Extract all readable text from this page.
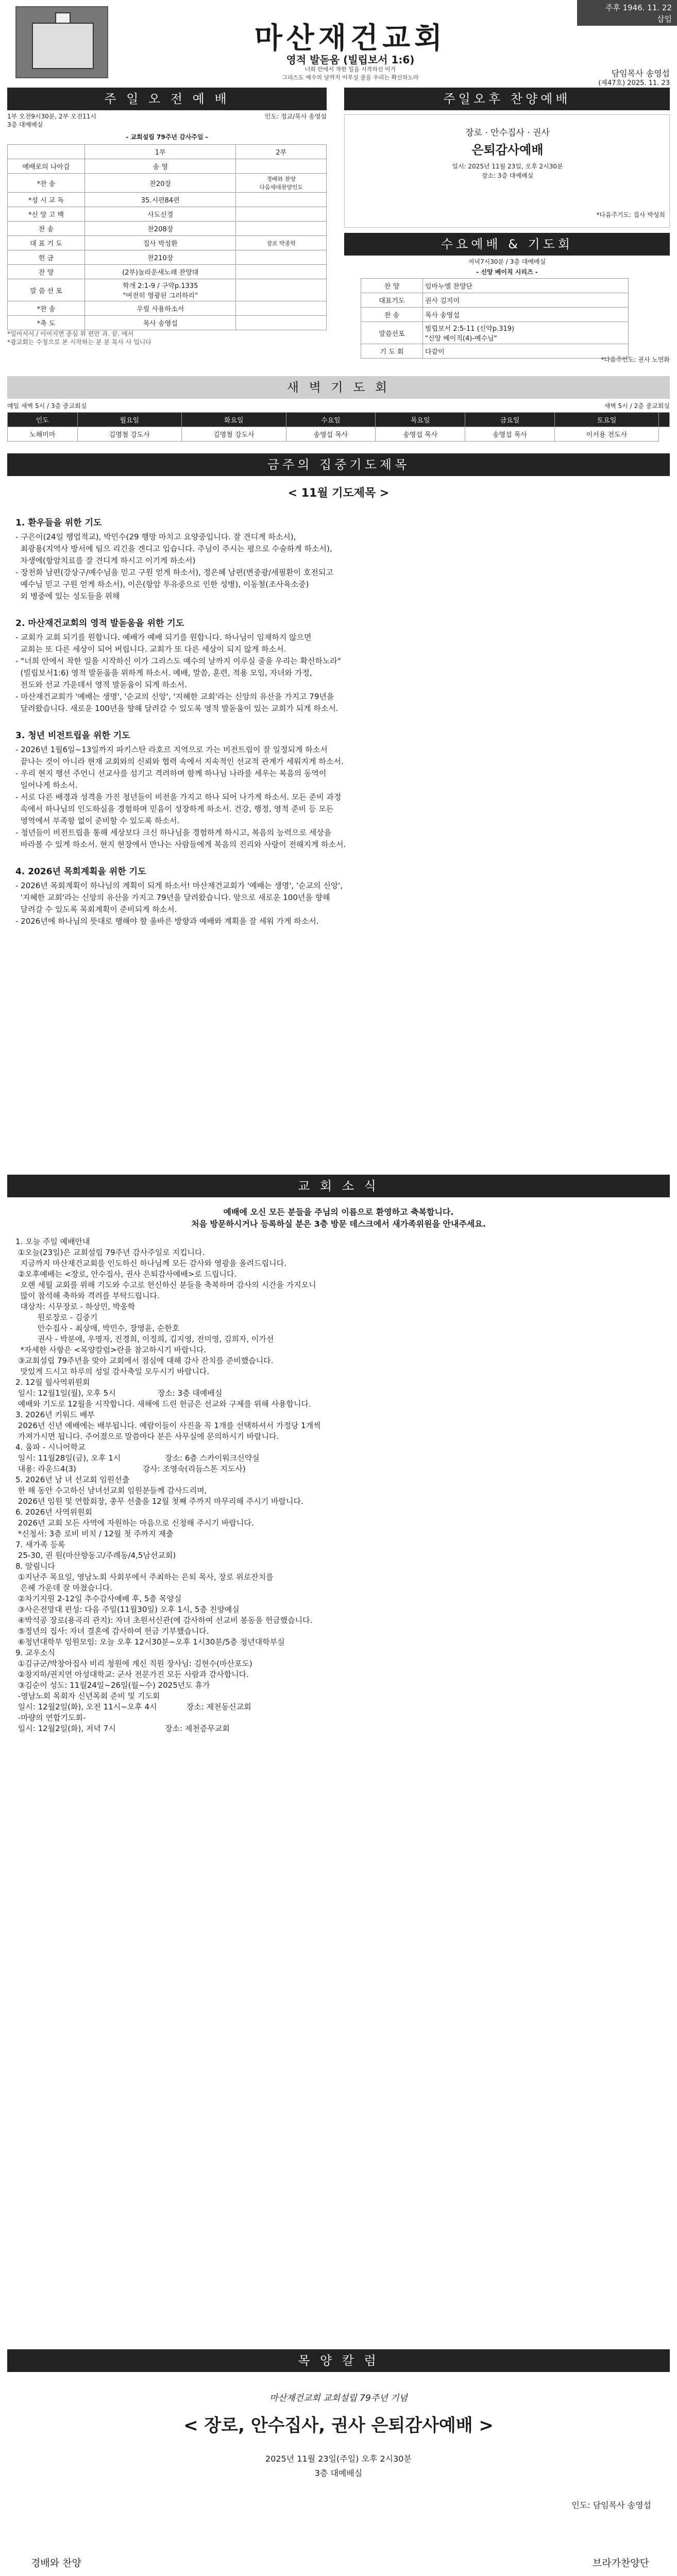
마산재건교회
영적 발돋움 (빌립보서 1:6)
너희 안에서 착한 일을 시작하신 이가
그리스도 예수의 날까지 이루실 줄을 우리는 확신하노라	담임목사 송영섭
(제47호) 2025. 11. 23
주후 1946. 11. 22
삽입
주 일 오 전 예 배
1부 오전9시30분, 2부 오전11시
3층 대예배실
인도: 정교/목사 송영섭
- 교회설립 79주년 감사주일 -
	1부	2부
예배로의 나아감	송 영	
*찬 송	찬20장	경배와 찬양
다음세대찬양인도
*성 시 교 독	35.시편84편	
*신 앙 고 백	사도신경	
찬 송	찬208장	
대 표 기 도	집사 박성환	장로 박종학
헌 금	찬210장	
찬 양	(2부)놀라운새노래 찬양대	
말 씀 선 포	학개 2:1-9 / 구약p.1335
"여전히 영광된 그러하리"	
*찬 송	우릴 사용하소서	
*축 도	목사 송영섭	
*일어서서 / 이어지면 중심 위 편안 과. 끝. 에서
*광교회는 수칭으로 본 시작하는 분 분 목사 사 입니다
주일오후 찬양예배
장로 · 안수집사 · 권사
은퇴감사예배
일시: 2025년 11월 23일, 오후 2시30분
장소: 3층 대예배실
*다음주기도: 집사 박성희
수요예배 & 기도회
저녁7시30분 / 3층 대예배실
- 신앙 베이직 시리즈 -
찬 양	임마누엘 찬양단
대표기도	권사 김지미
찬 송	목사 송영섭
말씀선포	빌립보서 2:5-11 (신약p.319)
"신앙 베이직(4)-예수님"
기 도 회	다같이
*다음주인도: 권사 노연화
새 벽 기 도 회
매일 새벽 5시 / 3층 중교회실	새벽 5시 / 2층 중교회실
인도	월요일	화요일	수요일	목요일	금요일	토요일	
노해미마	김명철 강도사	김명철 강도사	송영섭 목사	송영섭 목사	송영섭 목사	이서용 전도사	
금주의 집중기도제목
< 11월 기도제목 >
1. 환우들을 위한 기도
- 구은이(24일 행업적교), 박민수(29 행망 마치고 요양중입니다. 잘 견디게 하소서),
최광용(지역사 방서에 팀으 리긴을 겐디고 입습니다. 주님이 주시는 평으로 수술하게 하소서),
차생에(항암치료를 잘 견디게 하시고 이기게 하소서)
- 장천화 남편(강상구/예수님을 믿고 구원 얻게 하소서), 정은혜 남편(변중광/세필환이 호전되고
예수님 믿고 구원 얻게 하소서), 이은(항암 투유중으로 인한 성병), 이동철(조사육소중)
외 병중에 있는 성도들을 위해
2. 마산재건교회의 영적 발돋움을 위한 기도
- 교회가 교회 되기를 원합니다. 예배가 예배 되기를 원합니다. 하나님이 임재하지 않으면
교회는 또 다른 세상이 되어 버립니다. 교회가 또 다른 세상이 되지 않게 하소서.
- "너희 안에서 착한 일을 시작하신 이가 그리스도 예수의 날까지 이루실 줄을 우리는 확신하노라"
(빌립보서1:6) 영적 발돋움을 위하게 하소서. 예배, 말씀, 훈련, 적용 모임, 자녀와 가정,
전도와 선교 가운데서 영적 발돋움이 되게 하소서.
- 마산재건교회가 '예배는 생명', '순교의 신앙', '지혜한 교회'라는 신앙의 유산을 가지고 79년을
달려왔습니다. 새로운 100년을 향해 달려갈 수 있도록 영적 발돋움이 있는 교회가 되게 하소서.
3. 청년 비전트립을 위한 기도
- 2026년 1월6일~13일까지 파키스탄 라호르 지역으로 가는 비전트립이 잘 일정되게 하소서
끝나는 것이 아니라 현재 교회와의 신뢰와 협력 속에서 지속적인 선교적 관계가 세워지게 하소서.
- 우리 현지 행선 주언니 선교사를 섬기고 격려하며 함께 하나님 나라를 세우는 복음의 동역이
일어나게 하소서.
- 서로 다른 배경과 성격을 가진 청년들이 비전을 가지고 하나 되어 나가게 하소서. 모든 준비 과정
속에서 하나님의 인도하심을 경험하며 믿음이 성장하게 하소서. 건강, 행정, 영적 준비 등 모든
영역에서 부족함 없이 준비할 수 있도록 하소서.
- 청년들이 비전트립을 통해 세상보다 크신 하나님을 경험하게 하시고, 복음의 능력으로 세상을
바라볼 수 있게 하소서. 현지 현장에서 만나는 사람들에게 복음의 진리와 사랑이 전해지게 하소서.
4. 2026년 목회계획을 위한 기도
- 2026년 목회계획이 하나님의 계획이 되게 하소서! 마산재건교회가 '예배는 생명', '순교의 신앙',
'지혜한 교회'라는 신앙의 유산을 가지고 79년을 달려왔습니다. 앞으로 새로운 100년을 향해
달려갈 수 있도록 목회계획이 준비되게 하소서.
- 2026년에 하나님의 뜻대로 행해야 할 올바른 방향과 예배와 계획을 잘 세워 가게 하소서.
교 회 소 식
예배에 오신 모든 분들을 주님의 이름으로 환영하고 축복합니다.
처음 방문하시거나 등록하실 분은 3층 방문 데스크에서 새가족위원을 안내주세요.
1. 오늘 주일 예배안내
①오늘(23일)은 교회설립 79주년 감사주일로 지킵니다.
지금까지 마산재건교회를 인도하신 하나님께 모든 감사와 영광을 올려드립니다.
②오후예배는 <장로, 안수집사, 권사 은퇴감사예배>로 드립니다.
오랜 세월 교회를 위해 기도와 수고로 헌신하신 분들을 축복하며 감사의 시간을 가지오니
많이 참석해 축하와 격려를 부탁드립니다.
대상자: 시무장로 - 하상민, 박웅학
원로장로 - 김중기
안수집사 - 최상매, 박민수, 장영윤, 순한호
권사 - 박분애, 우명자, 진경희, 이정희, 김지영, 전미영, 김희자, 이가선
*자세한 사항은 <목양칼럼>란을 참고하시기 바랍니다.
③교회설립 79주년을 맞아 교회에서 점심에 대해 감사 잔치를 준비했습니다.
맛있게 드시고 하루의 성일 감사축일 모두시기 바랍니다.
2. 12월 월사역위원회
일시: 12월1일(월), 오후 5시                 장소: 3층 대예배실
예배와 기도로 12월을 시작합니다. 새해에 드린 헌금은 선교와 구제를 위해 사용합니다.
3. 2026년 키워드 배부
2026년 신년 예배에는 배부됩니다. 예람이들이 사진을 꼭 1개를 선택하셔서 가정당 1개씩
가져가시면 됩니다. 주어졌으로 말씀마다 분은 사무실에 문의하시기 바랍니다.
4. 움파 - 시니어학교
일시: 11월28일(금), 오후 1시                  장소: 6층 스카이워크신약실
내용: 라운드4(3)                           강사: 조영숙(리듬스톤 지도사)
5. 2026년 남 녀 선교회 임원선출
한 해 동안 수고하신 남녀선교회 임원분들께 감사드리며,
2026년 임원 및 연합회장, 총무 선출을 12월 첫째 주까지 마무리해 주시기 바랍니다.
6. 2026년 사역위원회
2026년 교회 모든 사역에 자원하는 마음으로 신청해 주시기 바랍니다.
*신청서: 3층 로비 비치 / 12월 첫 주까지 제출
7. 새가족 등록
25-30, 권 원(마산향동고/주례동/4,5남선교회)
8. 알림니다
①지난주 목요일, 영남노회 사회부에서 주최하는 은퇴 목사, 장로 위로잔치를
은혜 가운데 잘 마쳤습니다.
②차기지원 2-12일 추수감사예배 후, 5층 목양실
③사은전망대 편성: 다음 주일(11월30일) 오후 1시, 5층 친양예실
④박석공 장로(용곡리 관지): 자녀 초원서신관(에 감사하여 선교비 봉동을 헌금했습니다.
⑤정년의 집사: 자녀 결혼에 감사하여 헌금 기부했습니다.
⑥청년대학부 임원모임: 오늘 오후 12시30분~오후 1시30분/5층 청년대학부실
9. 교우소식
①김규군/박창아집사 비리 청원에 계신 직원 장사님: 김현수(마산포도)
②창지하/권지연 아성대학교: 군사 전문가진 모든 사람과 감사합니다.
③김순이 성도: 11월24일~26일(월~수) 2025년도 휴가
-영남노회 목회자 신년목회 준비 및 기도회
일시: 12월2일(화), 오전 11시~오후 4시            장소: 제천동신교회
-마량의 연합기도회-
일시: 12월2일(화), 저녁 7시                    장소: 제천증무교회
목 양 칼 럼
마산재건교회 교회설립 79주년 기념
< 장로, 안수집사, 권사 은퇴감사예배 >
2025년 11월 23일(주일) 오후 2시30분
3층 대예배실
인도: 담임목사 송영섭
경배와 찬양	브라가찬양단
